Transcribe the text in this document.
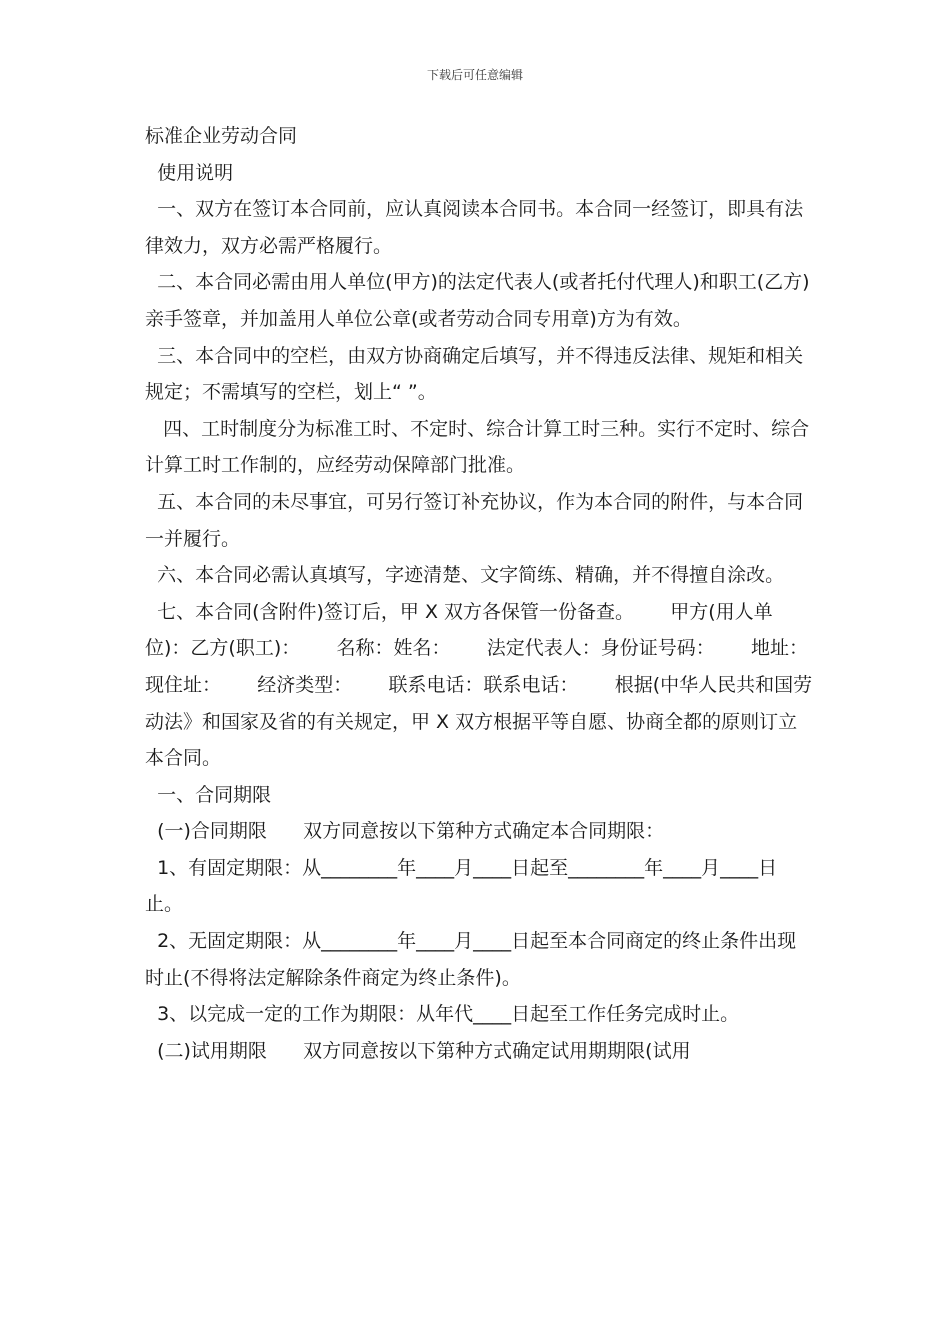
下载后可任意编辑

标准企业劳动合同

使用说明

一、双方在签订本合同前，应认真阅读本合同书。本合同一经签订，即具有法律效力，双方必需严格履行。

二、本合同必需由用人单位(甲方)的法定代表人(或者托付代理人)和职工(乙方)亲手签章，并加盖用人单位公章(或者劳动合同专用章)方为有效。

三、本合同中的空栏，由双方协商确定后填写，并不得违反法律、规矩和相关规定；不需填写的空栏，划上“ ”。

四、工时制度分为标准工时、不定时、综合计算工时三种。实行不定时、综合计算工时工作制的，应经劳动保障部门批准。

五、本合同的未尽事宜，可另行签订补充协议，作为本合同的附件，与本合同一并履行。

六、本合同必需认真填写，字迹清楚、文字简练、精确，并不得擅自涂改。

七、本合同(含附件)签订后，甲 X 双方各保管一份备查。      甲方(用人单位)：乙方(职工)：      名称：姓名：      法定代表人：身份证号码：      地址：现住址：      经济类型：      联系电话：联系电话：      根据(中华人民共和国劳动法》和国家及省的有关规定，甲 X 双方根据平等自愿、协商全都的原则订立本合同。

一、合同期限

(一)合同期限      双方同意按以下第种方式确定本合同期限：

1、有固定期限：从________年____月____日起至________年____月____日止。

2、无固定期限：从________年____月____日起至本合同商定的终止条件出现时止(不得将法定解除条件商定为终止条件)。

3、以完成一定的工作为期限：从年代____日起至工作任务完成时止。

(二)试用期限      双方同意按以下第种方式确定试用期期限(试用
